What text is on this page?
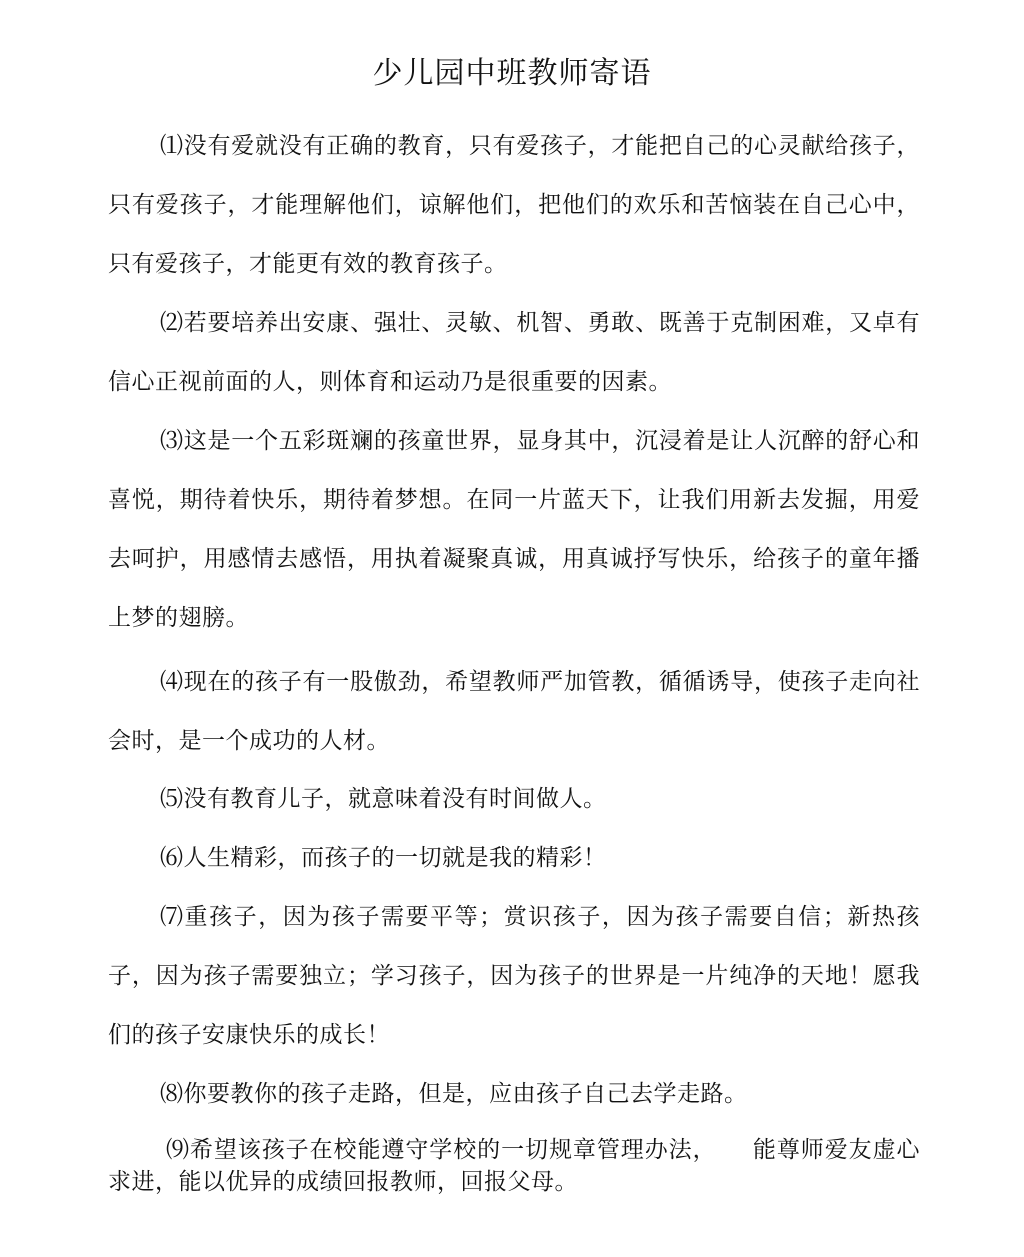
少儿园中班教师寄语

⑴没有爱就没有正确的教育，只有爱孩子，才能把自己的心灵献给孩子，只有爱孩子，才能理解他们，谅解他们，把他们的欢乐和苦恼装在自己心中，只有爱孩子，才能更有效的教育孩子。

⑵若要培养出安康、强壮、灵敏、机智、勇敢、既善于克制困难，又卓有信心正视前面的人，则体育和运动乃是很重要的因素。

⑶这是一个五彩斑斓的孩童世界，显身其中，沉浸着是让人沉醉的舒心和喜悦，期待着快乐，期待着梦想。在同一片蓝天下，让我们用新去发掘，用爱去呵护，用感情去感悟，用执着凝聚真诚，用真诚抒写快乐，给孩子的童年播上梦的翅膀。

⑷现在的孩子有一股傲劲，希望教师严加管教，循循诱导，使孩子走向社会时，是一个成功的人材。

⑸没有教育儿子，就意味着没有时间做人。

⑹人生精彩，而孩子的一切就是我的精彩！

⑺重孩子，因为孩子需要平等；赏识孩子，因为孩子需要自信；新热孩子，因为孩子需要独立；学习孩子，因为孩子的世界是一片纯净的天地！愿我们的孩子安康快乐的成长！

⑻你要教你的孩子走路，但是，应由孩子自己去学走路。

⑼希望该孩子在校能遵守学校的一切规章管理办法，　　能尊师爱友虚心求进，能以优异的成绩回报教师，回报父母。
